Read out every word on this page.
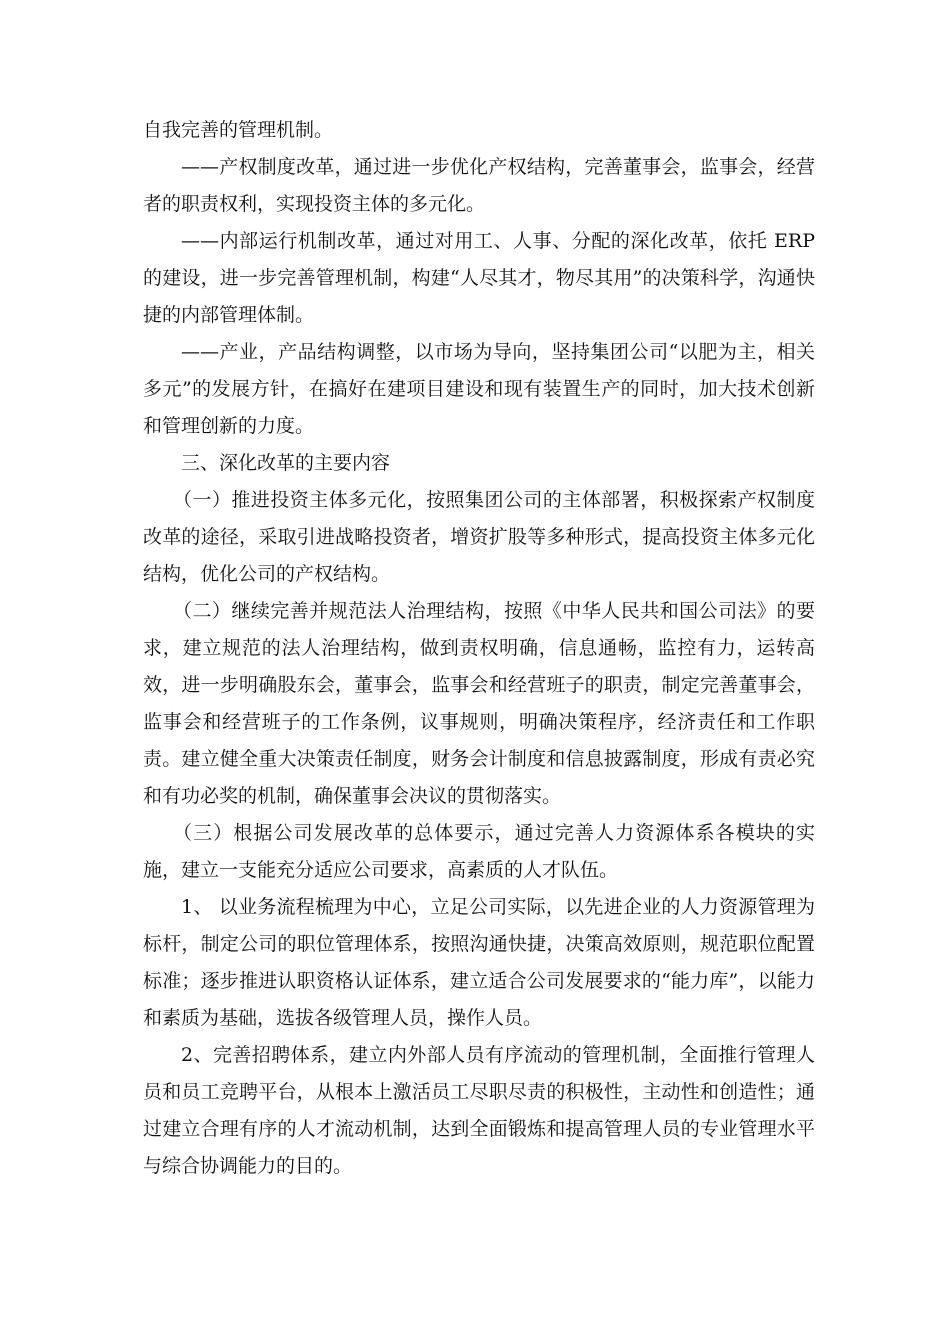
自我完善的管理机制。

——产权制度改革，通过进一步优化产权结构，完善董事会，监事会，经营者的职责权利，实现投资主体的多元化。

——内部运行机制改革，通过对用工、人事、分配的深化改革，依托 ERP 的建设，进一步完善管理机制，构建“人尽其才，物尽其用”的决策科学，沟通快捷的内部管理体制。

——产业，产品结构调整，以市场为导向，坚持集团公司“以肥为主，相关多元”的发展方针，在搞好在建项目建设和现有装置生产的同时，加大技术创新和管理创新的力度。

三、深化改革的主要内容

（一）推进投资主体多元化，按照集团公司的主体部署，积极探索产权制度改革的途径，采取引进战略投资者，增资扩股等多种形式，提高投资主体多元化结构，优化公司的产权结构。

（二）继续完善并规范法人治理结构，按照《中华人民共和国公司法》的要求，建立规范的法人治理结构，做到责权明确，信息通畅，监控有力，运转高效，进一步明确股东会，董事会，监事会和经营班子的职责，制定完善董事会，监事会和经营班子的工作条例，议事规则，明确决策程序，经济责任和工作职责。建立健全重大决策责任制度，财务会计制度和信息披露制度，形成有责必究和有功必奖的机制，确保董事会决议的贯彻落实。

（三）根据公司发展改革的总体要示，通过完善人力资源体系各模块的实施，建立一支能充分适应公司要求，高素质的人才队伍。

1、 以业务流程梳理为中心，立足公司实际，以先进企业的人力资源管理为标杆，制定公司的职位管理体系，按照沟通快捷，决策高效原则，规范职位配置标准；逐步推进认职资格认证体系，建立适合公司发展要求的“能力库”，以能力和素质为基础，选拔各级管理人员，操作人员。

2、完善招聘体系，建立内外部人员有序流动的管理机制，全面推行管理人员和员工竞聘平台，从根本上激活员工尽职尽责的积极性，主动性和创造性；通过建立合理有序的人才流动机制，达到全面锻炼和提高管理人员的专业管理水平与综合协调能力的目的。
